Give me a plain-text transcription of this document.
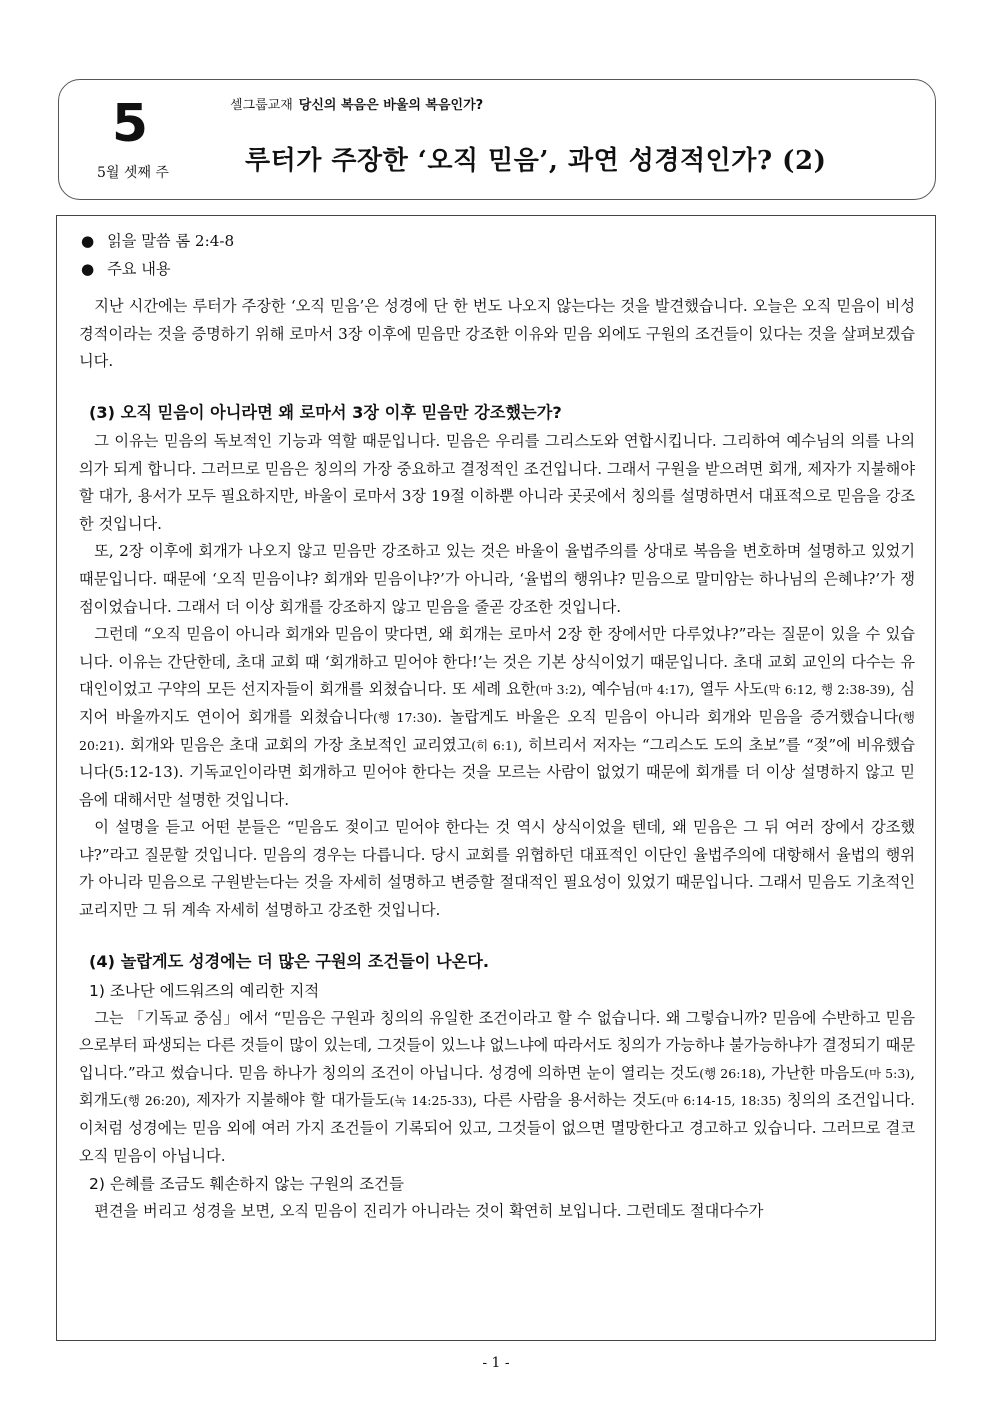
5
5월 셋째 주
셀그룹교재 당신의 복음은 바울의 복음인가?
루터가 주장한 ‘오직 믿음’, 과연 성경적인가? (2)
● 읽을 말씀 롬 2:4-8
● 주요 내용

지난 시간에는 루터가 주장한 ‘오직 믿음’은 성경에 단 한 번도 나오지 않는다는 것을 발견했습니다. 오늘은 오직 믿음이 비성경적이라는 것을 증명하기 위해 로마서 3장 이후에 믿음만 강조한 이유와 믿음 외에도 구원의 조건들이 있다는 것을 살펴보겠습니다.

(3) 오직 믿음이 아니라면 왜 로마서 3장 이후 믿음만 강조했는가?

그 이유는 믿음의 독보적인 기능과 역할 때문입니다. 믿음은 우리를 그리스도와 연합시킵니다. 그리하여 예수님의 의를 나의 의가 되게 합니다. 그러므로 믿음은 칭의의 가장 중요하고 결정적인 조건입니다. 그래서 구원을 받으려면 회개, 제자가 지불해야 할 대가, 용서가 모두 필요하지만, 바울이 로마서 3장 19절 이하뿐 아니라 곳곳에서 칭의를 설명하면서 대표적으로 믿음을 강조한 것입니다.

또, 2장 이후에 회개가 나오지 않고 믿음만 강조하고 있는 것은 바울이 율법주의를 상대로 복음을 변호하며 설명하고 있었기 때문입니다. 때문에 ‘오직 믿음이냐? 회개와 믿음이냐?’가 아니라, ‘율법의 행위냐? 믿음으로 말미암는 하나님의 은혜냐?’가 쟁점이었습니다. 그래서 더 이상 회개를 강조하지 않고 믿음을 줄곧 강조한 것입니다.

그런데 “오직 믿음이 아니라 회개와 믿음이 맞다면, 왜 회개는 로마서 2장 한 장에서만 다루었냐?”라는 질문이 있을 수 있습니다. 이유는 간단한데, 초대 교회 때 ‘회개하고 믿어야 한다!’는 것은 기본 상식이었기 때문입니다. 초대 교회 교인의 다수는 유대인이었고 구약의 모든 선지자들이 회개를 외쳤습니다. 또 세례 요한(마 3:2), 예수님(마 4:17), 열두 사도(막 6:12, 행 2:38-39), 심지어 바울까지도 연이어 회개를 외쳤습니다(행 17:30). 놀랍게도 바울은 오직 믿음이 아니라 회개와 믿음을 증거했습니다(행 20:21). 회개와 믿음은 초대 교회의 가장 초보적인 교리였고(히 6:1), 히브리서 저자는 “그리스도 도의 초보”를 “젖”에 비유했습니다(5:12-13). 기독교인이라면 회개하고 믿어야 한다는 것을 모르는 사람이 없었기 때문에 회개를 더 이상 설명하지 않고 믿음에 대해서만 설명한 것입니다.

이 설명을 듣고 어떤 분들은 “믿음도 젖이고 믿어야 한다는 것 역시 상식이었을 텐데, 왜 믿음은 그 뒤 여러 장에서 강조했냐?”라고 질문할 것입니다. 믿음의 경우는 다릅니다. 당시 교회를 위협하던 대표적인 이단인 율법주의에 대항해서 율법의 행위가 아니라 믿음으로 구원받는다는 것을 자세히 설명하고 변증할 절대적인 필요성이 있었기 때문입니다. 그래서 믿음도 기초적인 교리지만 그 뒤 계속 자세히 설명하고 강조한 것입니다.

(4) 놀랍게도 성경에는 더 많은 구원의 조건들이 나온다.
1) 조나단 에드워즈의 예리한 지적

그는 「기독교 중심」에서 “믿음은 구원과 칭의의 유일한 조건이라고 할 수 없습니다. 왜 그렇습니까? 믿음에 수반하고 믿음으로부터 파생되는 다른 것들이 많이 있는데, 그것들이 있느냐 없느냐에 따라서도 칭의가 가능하냐 불가능하냐가 결정되기 때문입니다.”라고 썼습니다. 믿음 하나가 칭의의 조건이 아닙니다. 성경에 의하면 눈이 열리는 것도(행 26:18), 가난한 마음도(마 5:3), 회개도(행 26:20), 제자가 지불해야 할 대가들도(눅 14:25-33), 다른 사람을 용서하는 것도(마 6:14-15, 18:35) 칭의의 조건입니다. 이처럼 성경에는 믿음 외에 여러 가지 조건들이 기록되어 있고, 그것들이 없으면 멸망한다고 경고하고 있습니다. 그러므로 결코 오직 믿음이 아닙니다.

2) 은혜를 조금도 훼손하지 않는 구원의 조건들

편견을 버리고 성경을 보면, 오직 믿음이 진리가 아니라는 것이 확연히 보입니다. 그런데도 절대다수가

- 1 -
